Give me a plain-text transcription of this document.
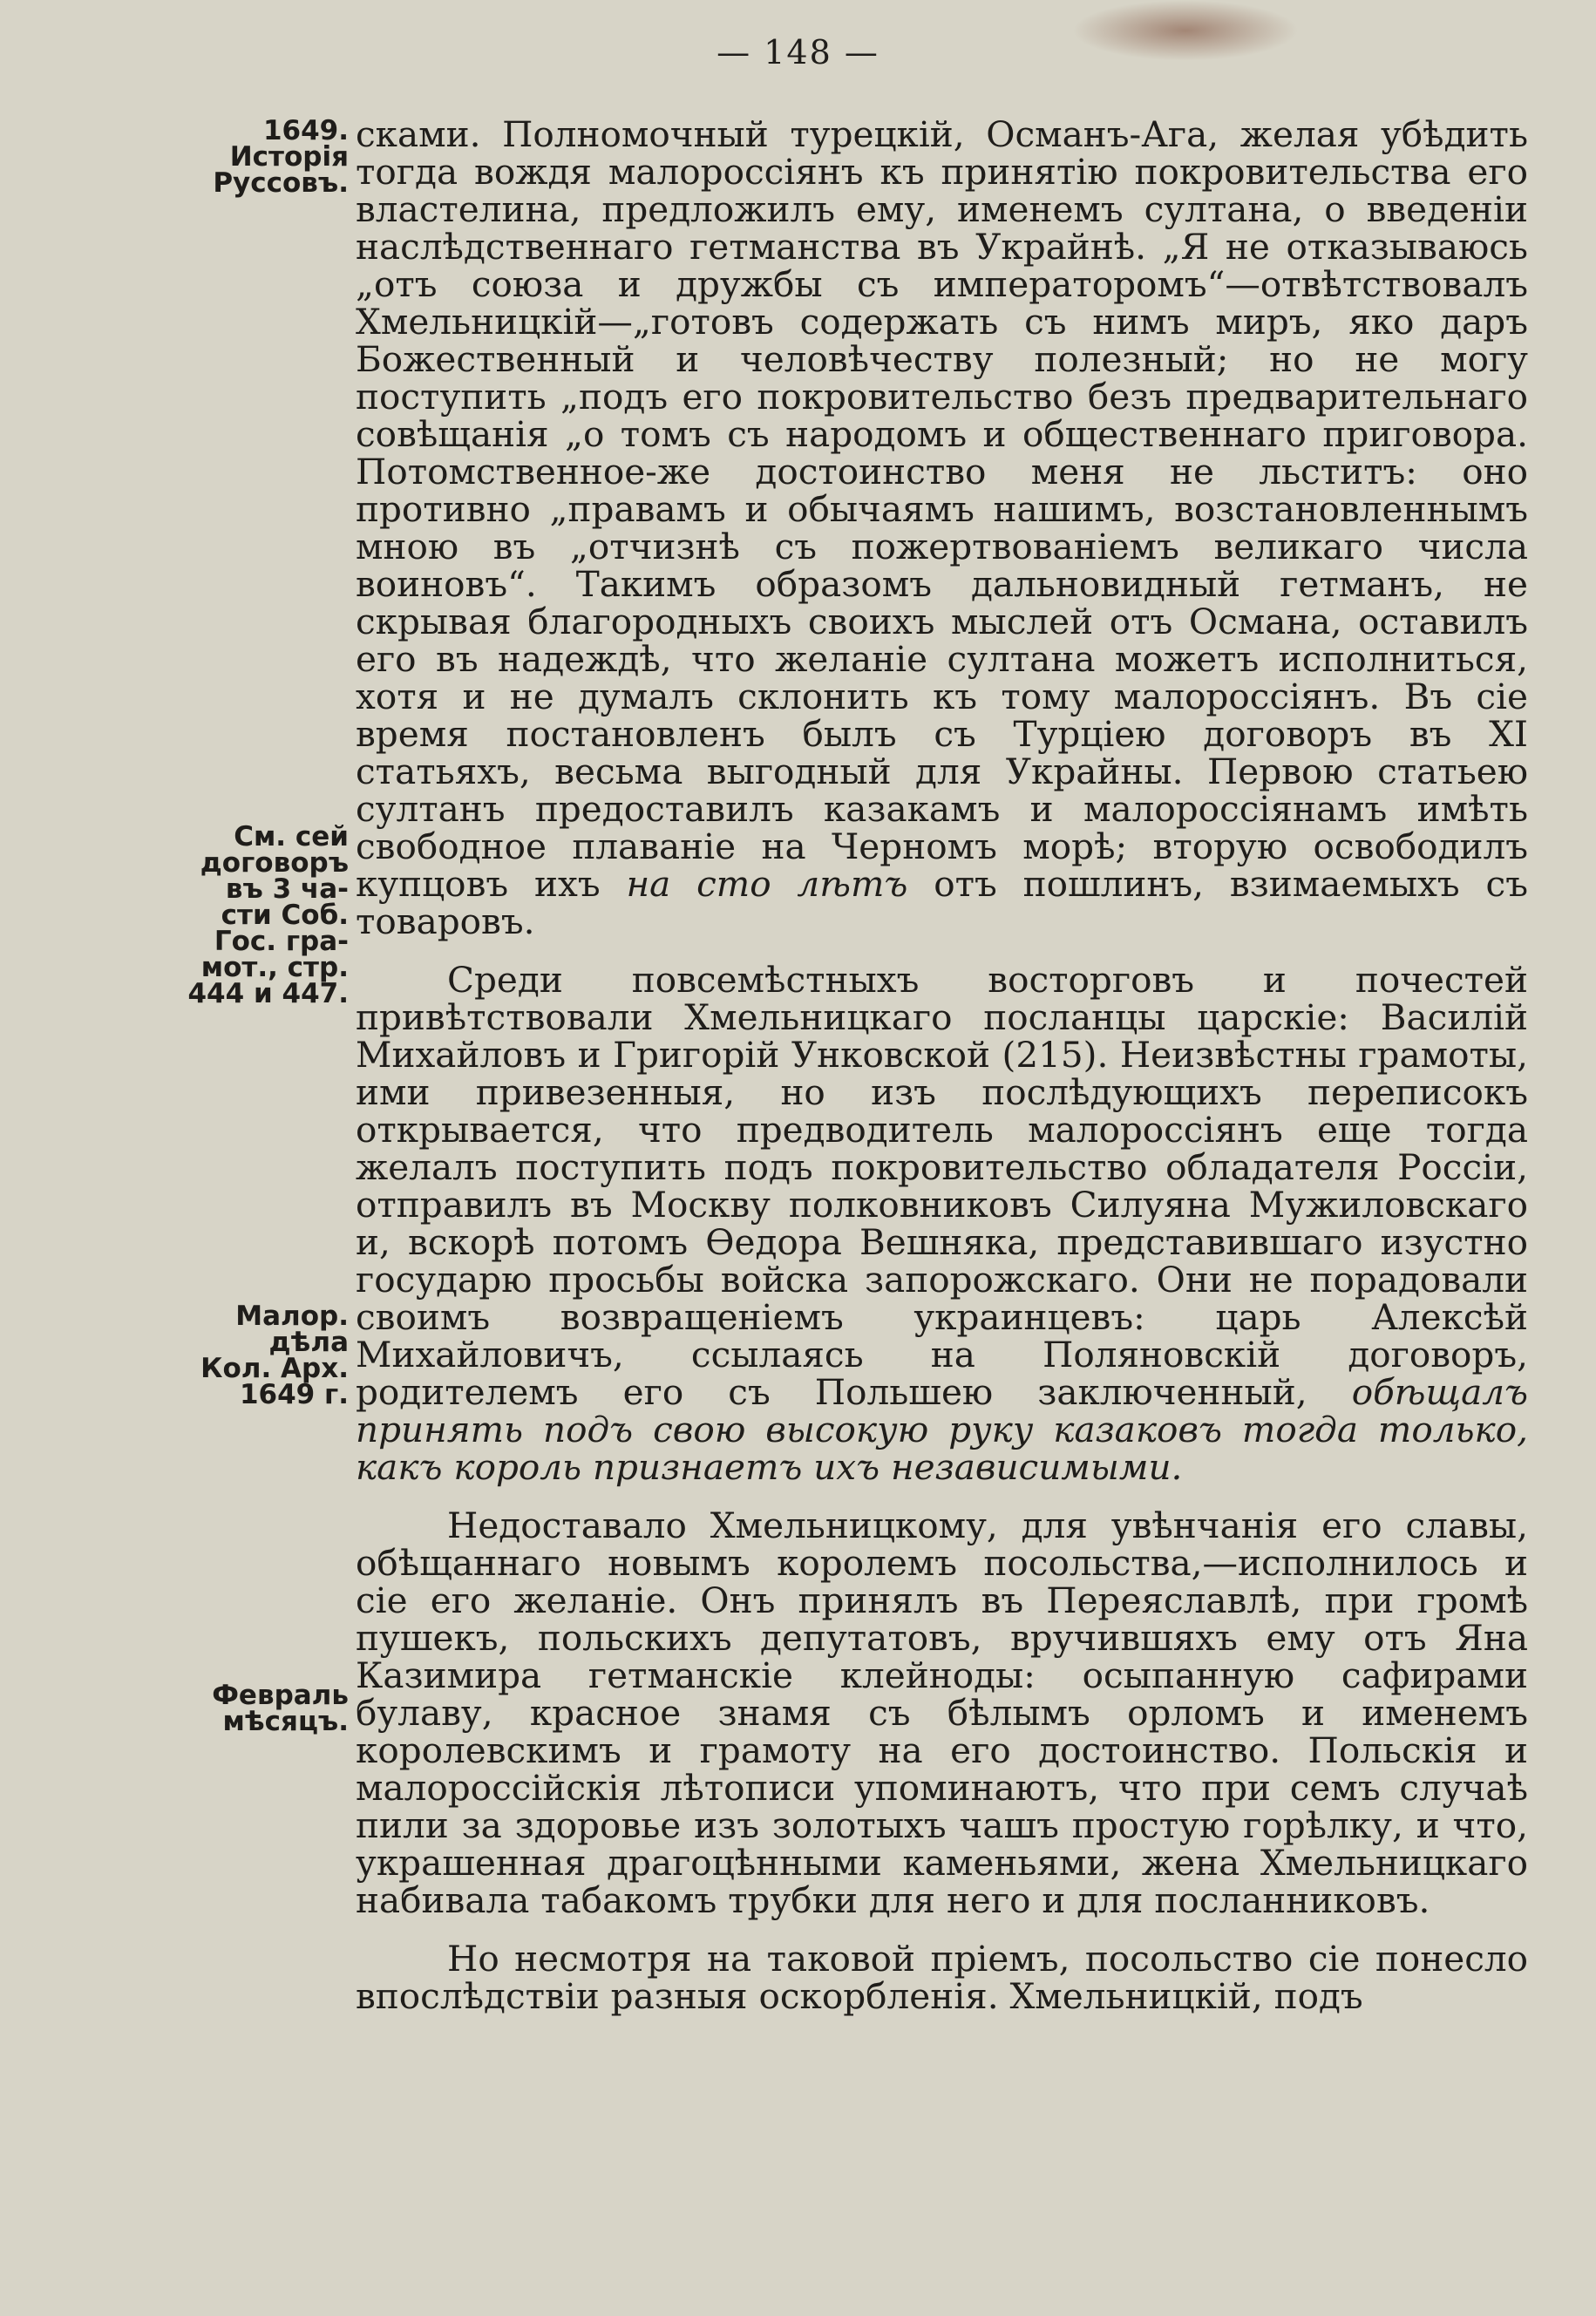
— 148 —
1649.
Исторія
Руссовъ.
См. сей
договоръ
въ 3 ча-
сти Соб.
Гос. гра-
мот., стр.
444 и 447.
Малор.
дѣла
Кол. Арх.
1649 г.
Февраль
мѣсяцъ.

сками. Полномочный турецкій, Османъ-Ага, желая убѣдить тогда вождя малороссіянъ къ принятію покровительства его властелина, предложилъ ему, именемъ султана, о введеніи наслѣдственнаго гетманства въ Украйнѣ. „Я не отказываюсь „отъ союза и дружбы съ императоромъ“—отвѣтствовалъ Хмельницкій—„готовъ содержать съ нимъ миръ, яко даръ Божественный и человѣчеству полезный; но не могу поступить „подъ его покровительство безъ предварительнаго совѣщанія „о томъ съ народомъ и общественнаго приговора. Потомственное-же достоинство меня не льститъ: оно противно „правамъ и обычаямъ нашимъ, возстановленнымъ мною въ „отчизнѣ съ пожертвованіемъ великаго числа воиновъ“. Такимъ образомъ дальновидный гетманъ, не скрывая благородныхъ своихъ мыслей отъ Османа, оставилъ его въ надеждѣ, что желаніе султана можетъ исполниться, хотя и не думалъ склонить къ тому малороссіянъ. Въ сіе время постановленъ былъ съ Турціею договоръ въ XI статьяхъ, весьма выгодный для Украйны. Первою статьею султанъ предоставилъ казакамъ и малороссіянамъ имѣть свободное плаваніе на Черномъ морѣ; вторую освободилъ купцовъ ихъ на сто лѣтъ отъ пошлинъ, взимаемыхъ съ товаровъ.

Среди повсемѣстныхъ восторговъ и почестей привѣтствовали Хмельницкаго посланцы царскіе: Василій Михайловъ и Григорій Унковской (215). Неизвѣстны грамоты, ими привезенныя, но изъ послѣдующихъ переписокъ открывается, что предводитель малороссіянъ еще тогда желалъ поступить подъ покровительство обладателя Россіи, отправилъ въ Москву полковниковъ Силуяна Мужиловскаго и, вскорѣ потомъ Ѳедора Вешняка, представившаго изустно государю просьбы войска запорожскаго. Они не порадовали своимъ возвращеніемъ украинцевъ: царь Алексѣй Михайловичъ, ссылаясь на Поляновскій договоръ, родителемъ его съ Польшею заключенный, обѣщалъ принять подъ свою высокую руку казаковъ тогда только, какъ король признаетъ ихъ независимыми.

Недоставало Хмельницкому, для увѣнчанія его славы, обѣщаннаго новымъ королемъ посольства,—исполнилось и сіе его желаніе. Онъ принялъ въ Переяславлѣ, при громѣ пушекъ, польскихъ депутатовъ, вручившяхъ ему отъ Яна Казимира гетманскіе клейноды: осыпанную сафирами булаву, красное знамя съ бѣлымъ орломъ и именемъ королевскимъ и грамоту на его достоинство. Польскія и малороссійскія лѣтописи упоминаютъ, что при семъ случаѣ пили за здоровье изъ золотыхъ чашъ простую горѣлку, и что, украшенная драгоцѣнными каменьями, жена Хмельницкаго набивала табакомъ трубки для него и для посланниковъ.

Но несмотря на таковой пріемъ, посольство сіе понесло впослѣдствіи разныя оскорбленія. Хмельницкій, подъ
